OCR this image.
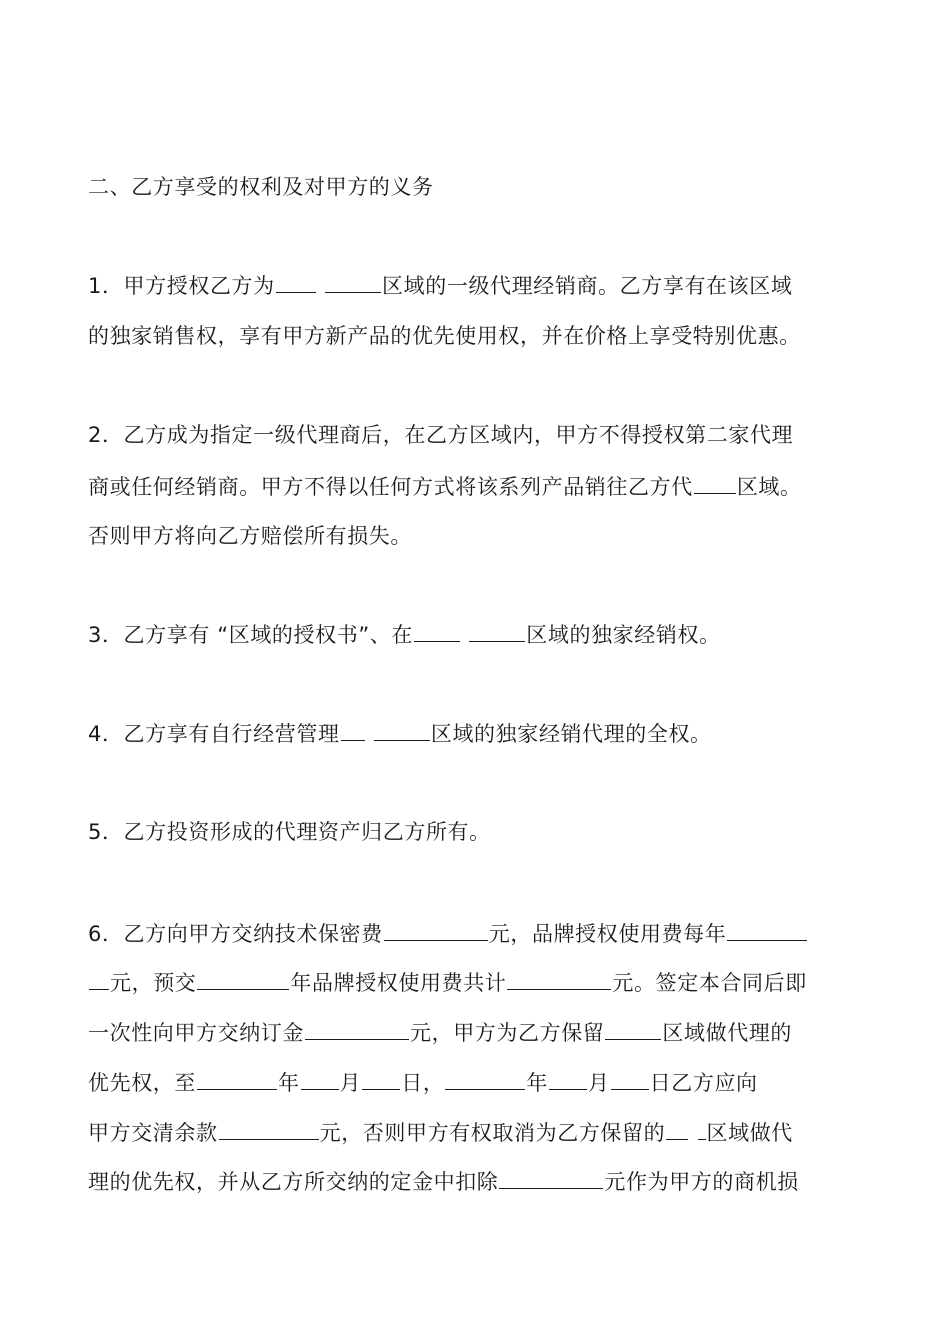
二、乙方享受的权利及对甲方的义务
1．甲方授权乙方为	区域的一级代理经销商。乙方享有在该区域
的独家销售权，享有甲方新产品的优先使用权，并在价格上享受特别优惠。
2．乙方成为指定一级代理商后，在乙方区域内，甲方不得授权第二家代理
商或任何经销商。甲方不得以任何方式将该系列产品销往乙方代 区域。
否则甲方将向乙方赔偿所有损失。
3．乙方享有 “区域的授权书”、在	区域的独家经销权。
4．乙方享有自行经营管理	区域的独家经销代理的全权。
5．乙方投资形成的代理资产归乙方所有。
6．乙方向甲方交纳技术保密费	元，品牌授权使用费每年
元，预交	年品牌授权使用费共计	元。签定本合同后即
一次性向甲方交纳订金	元，甲方为乙方保留	区域做代理的
优先权，至	年 月 日，	年 月 日乙方应向
甲方交清余款	元，否则甲方有权取消为乙方保留的 区域做代
理的优先权，并从乙方所交纳的定金中扣除	元作为甲方的商机损
